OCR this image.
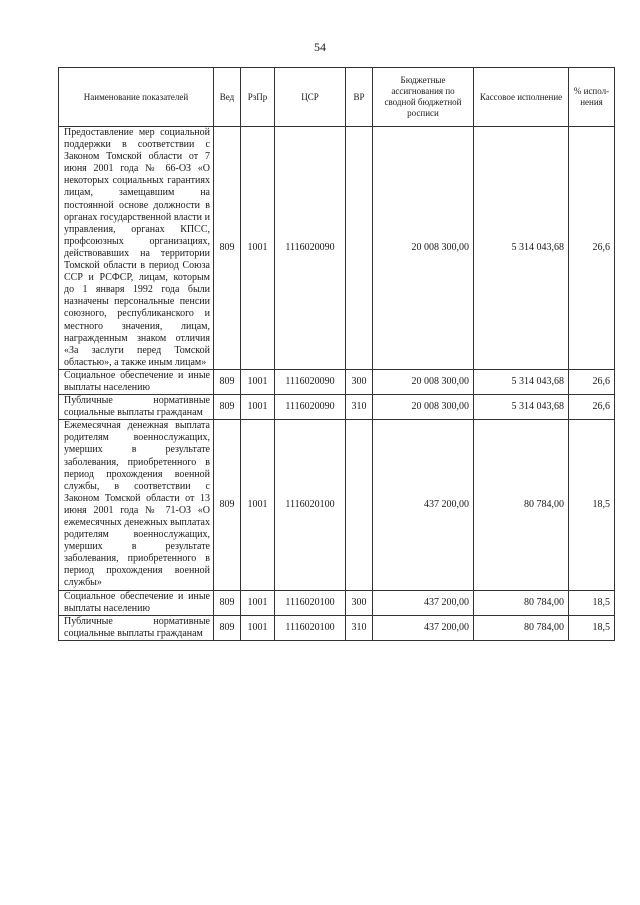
54
Наименование показателей	Вед	РзПр	ЦСР	ВР	Бюджетные ассигнования по сводной бюджетной росписи	Кассовое исполнение	% испол-нения
Предоставление мер социальной поддержки в соответствии с Законом Томской области от 7 июня 2001 года № 66-ОЗ «О некоторых социальных гарантиях лицам, замещавшим на постоянной основе должности в органах государственной власти и управления, органах КПСС, профсоюзных организациях, действовавших на территории Томской области в период Союза ССР и РСФСР, лицам, которым до 1 января 1992 года были назначены персональные пенсии союзного, республиканского и местного значения, лицам, награжденным знаком отличия «За заслуги перед Томской областью», а также иным лицам»	809	1001	1116020090		20 008 300,00	5 314 043,68	26,6
Социальное обеспечение и иные выплаты населению	809	1001	1116020090	300	20 008 300,00	5 314 043,68	26,6
Публичные нормативные социальные выплаты гражданам	809	1001	1116020090	310	20 008 300,00	5 314 043,68	26,6
Ежемесячная денежная выплата родителям военнослужащих, умерших в результате заболевания, приобретенного в период прохождения военной службы, в соответствии с Законом Томской области от 13 июня 2001 года № 71-ОЗ «О ежемесячных денежных выплатах родителям военнослужащих, умерших в результате заболевания, приобретенного в период прохождения военной службы»	809	1001	1116020100		437 200,00	80 784,00	18,5
Социальное обеспечение и иные выплаты населению	809	1001	1116020100	300	437 200,00	80 784,00	18,5
Публичные нормативные социальные выплаты гражданам	809	1001	1116020100	310	437 200,00	80 784,00	18,5
